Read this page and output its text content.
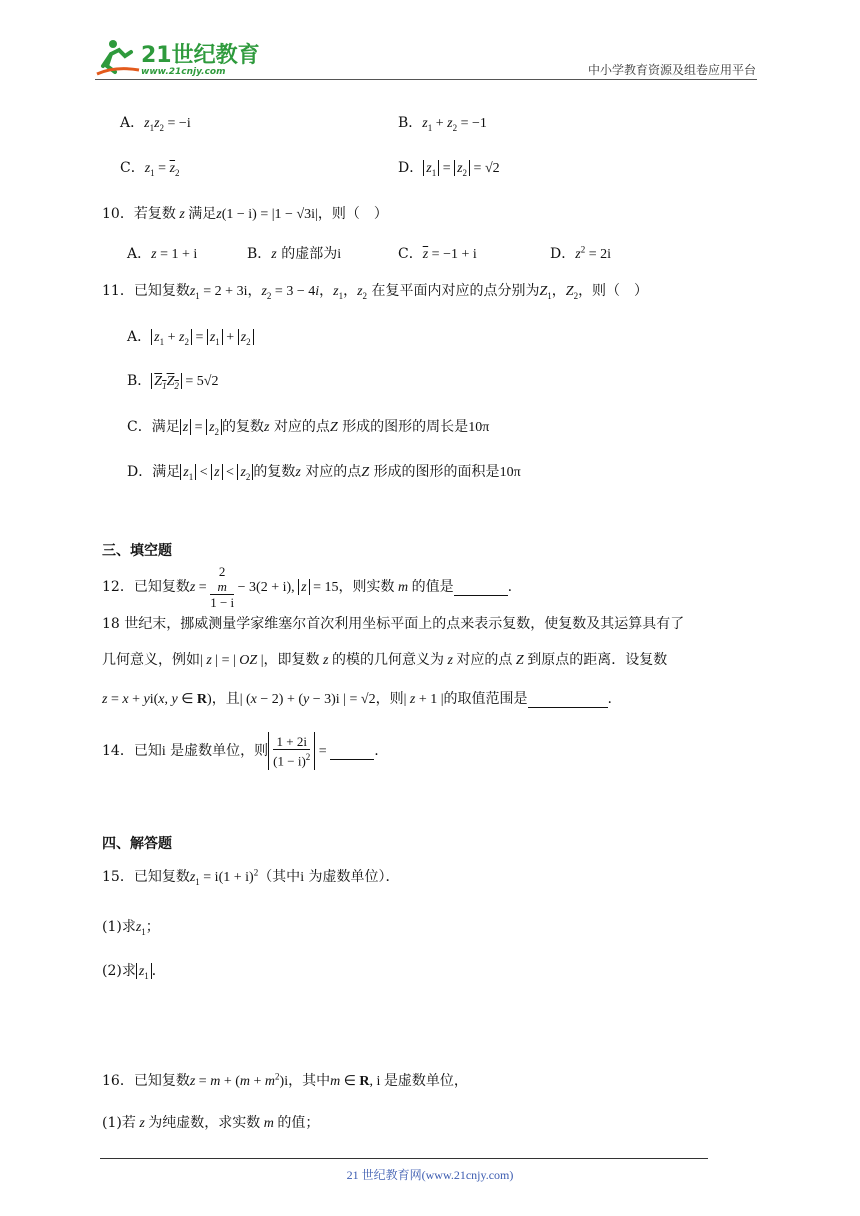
21世纪教育
www.21cnjy.com	中小学教育资源及组卷应用平台
A．$z_1z_2 = -i$	B．$z_1 + z_2 = -1$
C．$z_1 = \overline{z}_2$	D． $z_1 = z_2 = √2$
10．若复数 z 满足z(1 − i) = |1 − √3i|，则（　）
A．z = 1 + i	B．z 的虚部为i	C．$\overline{z} = -1 + i$	D．$z^2 = 2i$
11．已知复数$z_1 = 2 + 3i$，$z_2 = 3 - 4i$，$z_1$，$z_2$ 在复平面内对应的点分别为$Z_1$，$Z_2$，则（　）
A． $z_1 + z_2 = z_1 + z_2$
B． $Z_1Z_2 = 5√2$
C．满足 $z = z_2$ 的复数z 对应的点Z 形成的图形的周长是10π
D．满足 $z_1 < z < z_2$ 的复数z 对应的点Z 形成的图形的面积是10π
三、填空题
12．已知复数z = 2
m
1 − i − 3(2 + i), z = 15，则实数 m 的值是	.
18 世纪末，挪威测量学家维塞尔首次利用坐标平面上的点来表示复数，使复数及其运算具有了
几何意义，例如| z | = | OZ |，即复数 z 的模的几何意义为 z 对应的点 Z 到原点的距离．设复数
z = x + yi(x, y ∈ R)，且| (x − 2) + (y − 3)i | = √2，则| z + 1 |的取值范围是	.
14．已知i 是虚数单位，则 $\frac{1 + 2i}{(1 - i)^2}$ =	.
四、解答题
15．已知复数$z_1 = i(1 + i)^2$（其中i 为虚数单位）．
(1)求$z_1$；
(2)求 $z_1$ ．
16．已知复数$z = m + (m + m^2)i$，其中m ∈ R, i 是虚数单位，
(1)若 z 为纯虚数，求实数 m 的值；
21 世纪教育网(www.21cnjy.com)
